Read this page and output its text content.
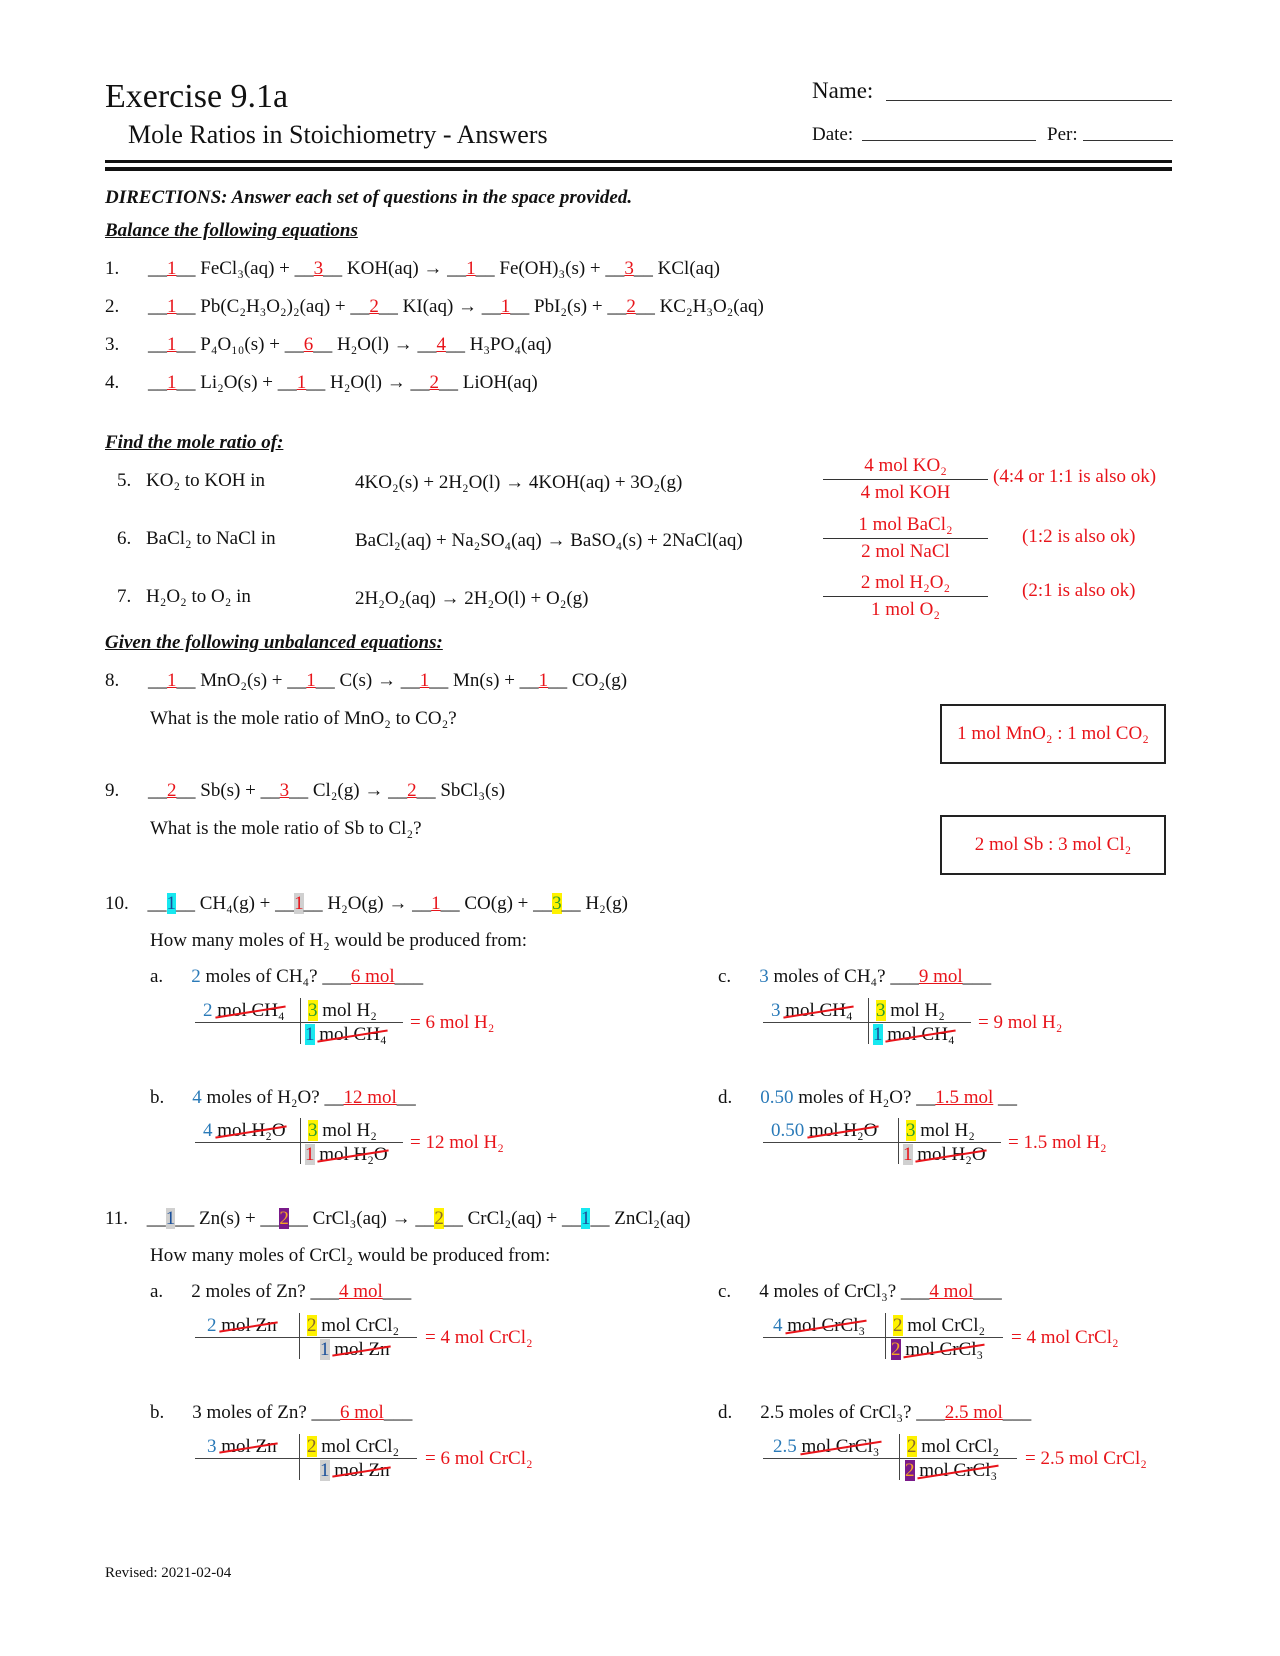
Exercise 9.1a
Mole Ratios in Stoichiometry - Answers
Name:
Date:	Per:
DIRECTIONS: Answer each set of questions in the space provided.
Balance the following equations
1. __1__ FeCl₃(aq) + __3__ KOH(aq) → __1__ Fe(OH)₃(s) + __3__ KCl(aq)
2. __1__ Pb(C₂H₃O₂)₂(aq) + __2__ KI(aq) → __1__ PbI₂(s) + __2__ KC₂H₃O₂(aq)
3. __1__ P₄O₁₀(s) + __6__ H₂O(l) → __4__ H₃PO₄(aq)
4. __1__ Li₂O(s) + __1__ H₂O(l) → __2__ LiOH(aq)
Find the mole ratio of:
5. KO₂ to KOH in	4KO₂(s) + 2H₂O(l) → 4KOH(aq) + 3O₂(g)
4 mol KO₂
4 mol KOH
(4:4 or 1:1 is also ok)
6. BaCl₂ to NaCl in	BaCl₂(aq) + Na₂SO₄(aq) → BaSO₄(s) + 2NaCl(aq)
1 mol BaCl₂
2 mol NaCl
(1:2 is also ok)
7. H₂O₂ to O₂ in	2H₂O₂(aq) → 2H₂O(l) + O₂(g)
2 mol H₂O₂
1 mol O₂
(2:1 is also ok)
Given the following unbalanced equations:
8. __1__ MnO₂(s) + __1__ C(s) → __1__ Mn(s) + __1__ CO₂(g)
What is the mole ratio of MnO₂ to CO₂?
1 mol MnO₂ : 1 mol CO₂
9. __2__ Sb(s) + __3__ Cl₂(g) → __2__ SbCl₃(s)
What is the mole ratio of Sb to Cl₂?
2 mol Sb : 3 mol Cl₂
10. __1__ CH₄(g) + __1__ H₂O(g) → __1__ CO(g) + __3__ H₂(g)
How many moles of H₂ would be produced from:
a. 2 moles of CH₄? ___6 mol___
2 mol CH₄ 3 mol H₂
1 mol CH₄
= 6 mol H₂
c. 3 moles of CH₄? ___9 mol___
3 mol CH₄ 3 mol H₂
1 mol CH₄
= 9 mol H₂
b. 4 moles of H₂O? __12 mol__
4 mol H₂O 3 mol H₂
1 mol H₂O
= 12 mol H₂
d. 0.50 moles of H₂O? __1.5 mol __
0.50 mol H₂O 3 mol H₂
1 mol H₂O
= 1.5 mol H₂
11. __1__ Zn(s) + __2__ CrCl₃(aq) → __2__ CrCl₂(aq) + __1__ ZnCl₂(aq)
How many moles of CrCl₂ would be produced from:
a. 2 moles of Zn? ___4 mol___
2 mol Zn 2 mol CrCl₂
1 mol Zn
= 4 mol CrCl₂
c. 4 moles of CrCl₃? ___4 mol___
4 mol CrCl₃ 2 mol CrCl₂
2 mol CrCl₃
= 4 mol CrCl₂
b. 3 moles of Zn? ___6 mol___
3 mol Zn 2 mol CrCl₂
1 mol Zn
= 6 mol CrCl₂
d. 2.5 moles of CrCl₃? ___2.5 mol___
2.5 mol CrCl₃ 2 mol CrCl₂
2 mol CrCl₃
= 2.5 mol CrCl₂
Revised: 2021-02-04
